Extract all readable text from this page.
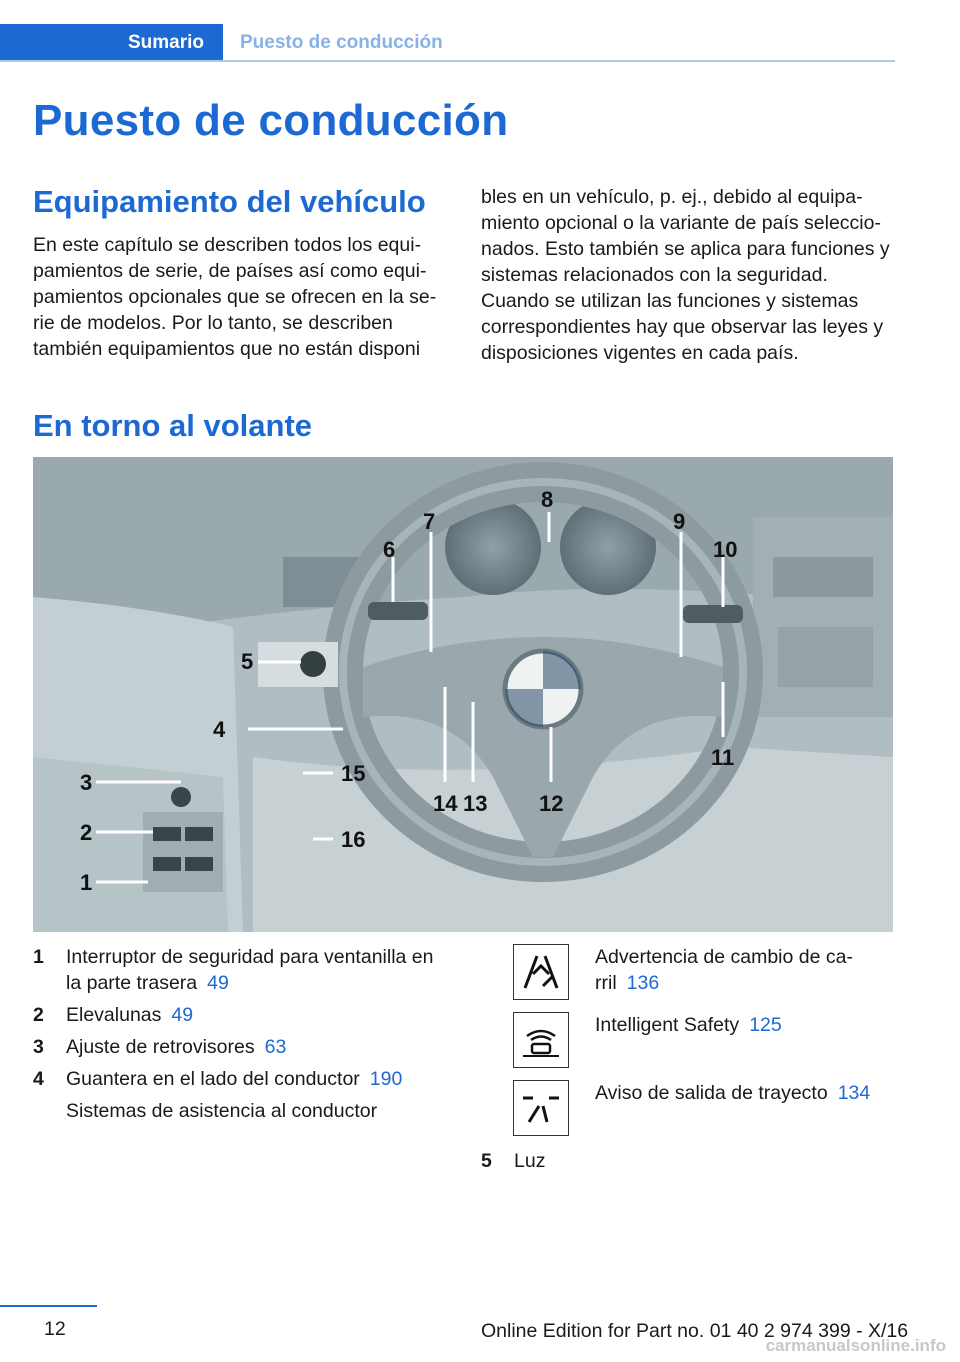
Sumario	Puesto de conducción
Puesto de conducción
Equipamiento del vehículo

En este capítulo se describen todos los equipamientos de serie, de países así como equipamientos opcionales que se ofrecen en la serie de modelos. Por lo tanto, se describen también equipamientos que no están disponi

bles en un vehículo, p. ej., debido al equipamiento opcional o la variante de país seleccionados. Esto también se aplica para funciones y sistemas relacionados con la seguridad. Cuando se utilizan las funciones y sistemas correspondientes hay que observar las leyes y disposiciones vigentes en cada país.

En torno al volante
1
2
3
4
5
6
7
8
9
10
11
12
13
14
15
16
1	Interruptor de seguridad para ventanilla en la parte trasera 49
2	Elevalunas 49
3	Ajuste de retrovisores 63
4	Guantera en el lado del conductor 190
Sistemas de asistencia al conductor
Advertencia de cambio de carril 136
Intelligent Safety 125
Aviso de salida de trayecto 134
5	Luz
12	Online Edition for Part no. 01 40 2 974 399 - X/16
carmanualsonline.info
